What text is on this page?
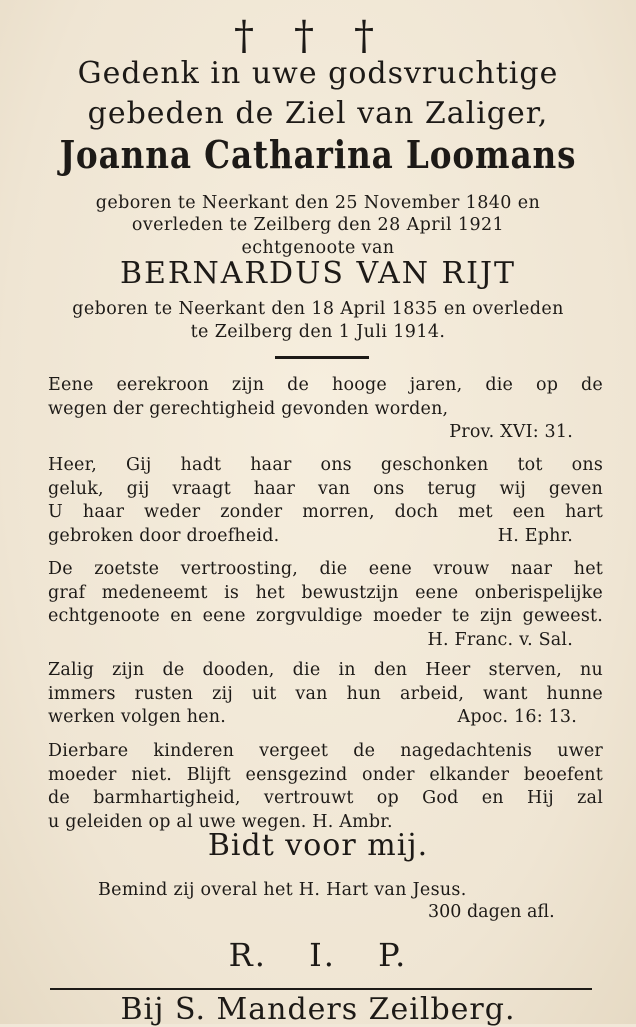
† † †
Gedenk in uwe godsvruchtige
gebeden de Ziel van Zaliger,
Joanna Catharina Loomans
geboren te Neerkant den 25 November 1840 en
overleden te Zeilberg den 28 April 1921
echtgenoote van
BERNARDUS VAN RIJT
geboren te Neerkant den 18 April 1835 en overleden
te Zeilberg den 1 Juli 1914.
Eene eerekroon zijn de hooge jaren, die op de
wegen der gerechtigheid gevonden worden,
Prov. XVI: 31.
Heer, Gij hadt haar ons geschonken tot ons
geluk, gij vraagt haar van ons terug wij geven
U haar weder zonder morren, doch met een hart
gebroken door droefheid.	H. Ephr.
De zoetste vertroosting, die eene vrouw naar het
graf medeneemt is het bewustzijn eene onberispelijke
echtgenoote en eene zorgvuldige moeder te zijn geweest.
H. Franc. v. Sal.
Zalig zijn de dooden, die in den Heer sterven, nu
immers rusten zij uit van hun arbeid, want hunne
werken volgen hen.	Apoc. 16: 13.
Dierbare kinderen vergeet de nagedachtenis uwer
moeder niet. Blijft eensgezind onder elkander beoefent
de barmhartigheid, vertrouwt op God en Hij zal
u geleiden op al uwe wegen. H. Ambr.
Bidt voor mij.
Bemind zij overal het H. Hart van Jesus.
300 dagen afl.
R. I. P.
Bij S. Manders Zeilberg.
